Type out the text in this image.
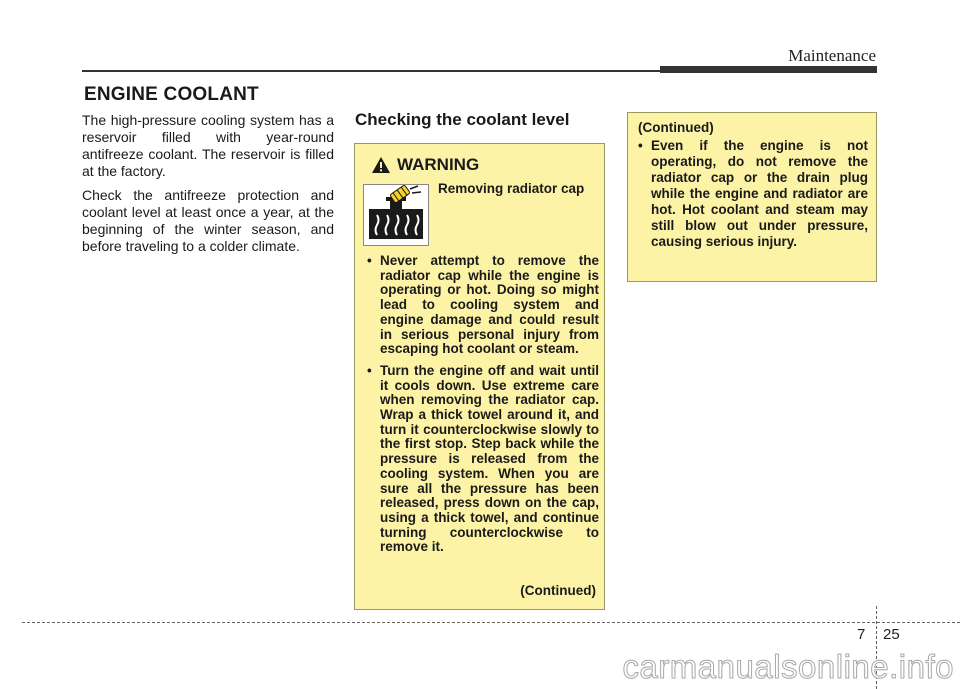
Maintenance
ENGINE COOLANT

The high-pressure cooling system has a reservoir filled with year-round antifreeze coolant. The reservoir is filled at the factory.

Check the antifreeze protection and coolant level at least once a year, at the beginning of the winter season, and before traveling to a colder climate.

Checking the coolant level
WARNING
Removing radiator cap
• Never attempt to remove the radiator cap while the engine is operating or hot. Doing so might lead to cooling system and engine damage and could result in serious personal injury from escaping hot coolant or steam.
• Turn the engine off and wait until it cools down. Use extreme care when removing the radiator cap. Wrap a thick towel around it, and turn it counterclockwise slowly to the first stop. Step back while the pressure is released from the cooling system. When you are sure all the pressure has been released, press down on the cap, using a thick towel, and continue turning counterclockwise to remove it.
(Continued)
(Continued)
• Even if the engine is not operating, do not remove the radiator cap or the drain plug while the engine and radiator are hot. Hot coolant and steam may still blow out under pressure, causing serious injury.
7 25
carmanualsonline.info
